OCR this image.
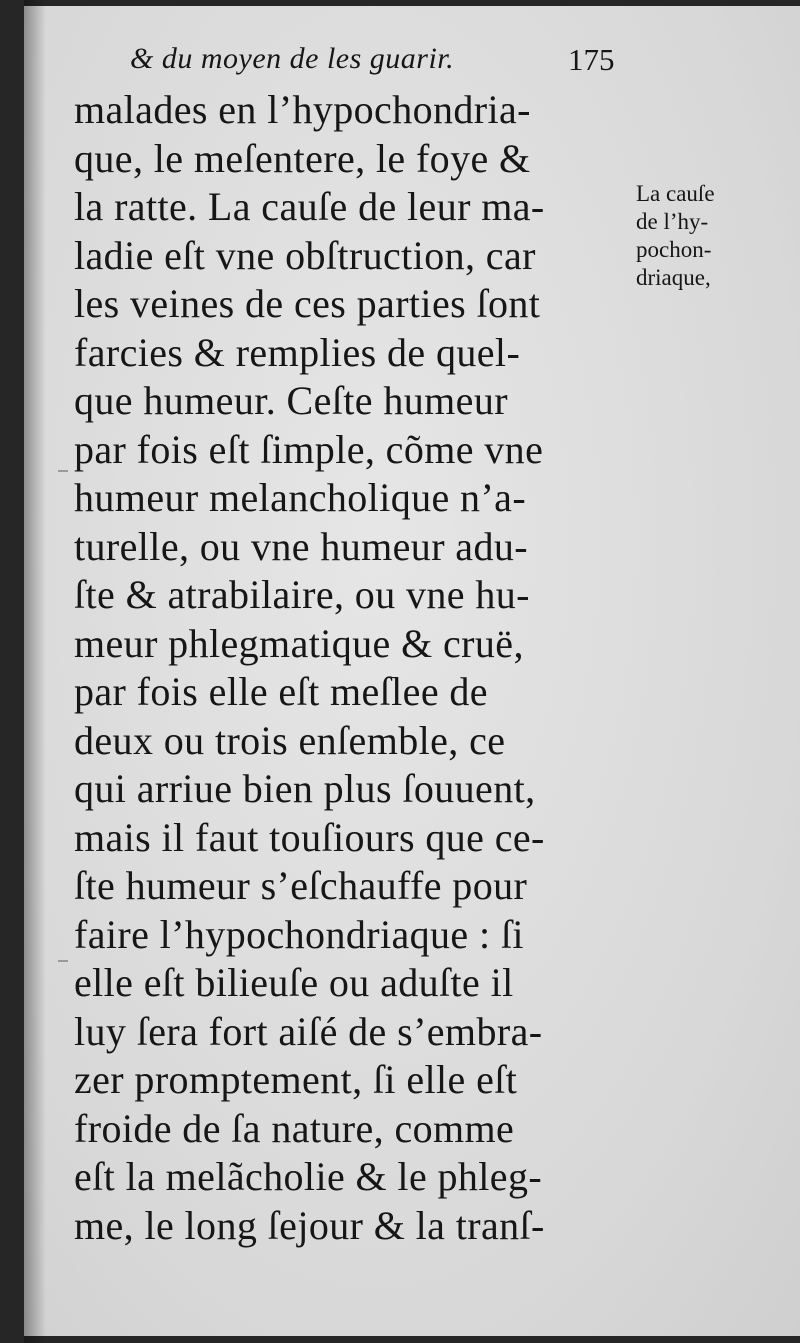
& du moyen de les guarir.	175
malades en l’hypochondria-
que, le meſentere, le foye &
la ratte. La cauſe de leur ma-
ladie eſt vne obſtruction, car
les veines de ces parties ſont
farcies & remplies de quel-
que humeur. Ceſte humeur
par fois eſt ſimple, cõme vne
humeur melancholique n’a-
turelle, ou vne humeur adu-
ſte & atrabilaire, ou vne hu-
meur phlegmatique & cruë,
par fois elle eſt meſlee de
deux ou trois enſemble, ce
qui arriue bien plus ſouuent,
mais il faut touſiours que ce-
ſte humeur s’eſchauffe pour
faire l’hypochondriaque : ſi
elle eſt bilieuſe ou aduſte il
luy ſera fort aiſé de s’embra-
zer promptement, ſi elle eſt
froide de ſa nature, comme
eſt la melãcholie & le phleg-
me, le long ſejour & la tranſ-
La cauſe
de l’hy-
pochon-
driaque,
